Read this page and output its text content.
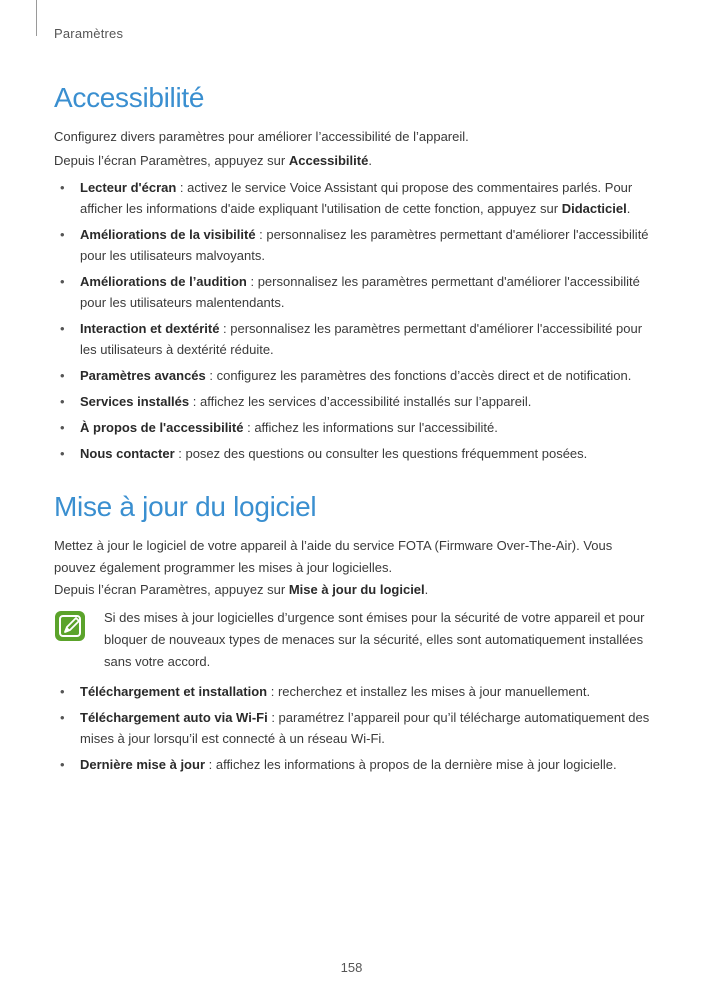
Paramètres
Accessibilité
Configurez divers paramètres pour améliorer l’accessibilité de l’appareil.
Depuis l’écran Paramètres, appuyez sur Accessibilité.
• Lecteur d'écran : activez le service Voice Assistant qui propose des commentaires parlés. Pour afficher les informations d'aide expliquant l'utilisation de cette fonction, appuyez sur Didacticiel.
• Améliorations de la visibilité : personnalisez les paramètres permettant d'améliorer l'accessibilité pour les utilisateurs malvoyants.
• Améliorations de l’audition : personnalisez les paramètres permettant d'améliorer l'accessibilité pour les utilisateurs malentendants.
• Interaction et dextérité : personnalisez les paramètres permettant d'améliorer l'accessibilité pour les utilisateurs à dextérité réduite.
• Paramètres avancés : configurez les paramètres des fonctions d’accès direct et de notification.
• Services installés : affichez les services d’accessibilité installés sur l’appareil.
• À propos de l'accessibilité : affichez les informations sur l'accessibilité.
• Nous contacter : posez des questions ou consulter les questions fréquemment posées.
Mise à jour du logiciel
Mettez à jour le logiciel de votre appareil à l’aide du service FOTA (Firmware Over-The-Air). Vous pouvez également programmer les mises à jour logicielles.
Depuis l’écran Paramètres, appuyez sur Mise à jour du logiciel.
Si des mises à jour logicielles d’urgence sont émises pour la sécurité de votre appareil et pour bloquer de nouveaux types de menaces sur la sécurité, elles sont automatiquement installées sans votre accord.
• Téléchargement et installation : recherchez et installez les mises à jour manuellement.
• Téléchargement auto via Wi-Fi : paramétrez l’appareil pour qu’il télécharge automatiquement des mises à jour lorsqu’il est connecté à un réseau Wi-Fi.
• Dernière mise à jour : affichez les informations à propos de la dernière mise à jour logicielle.
158
